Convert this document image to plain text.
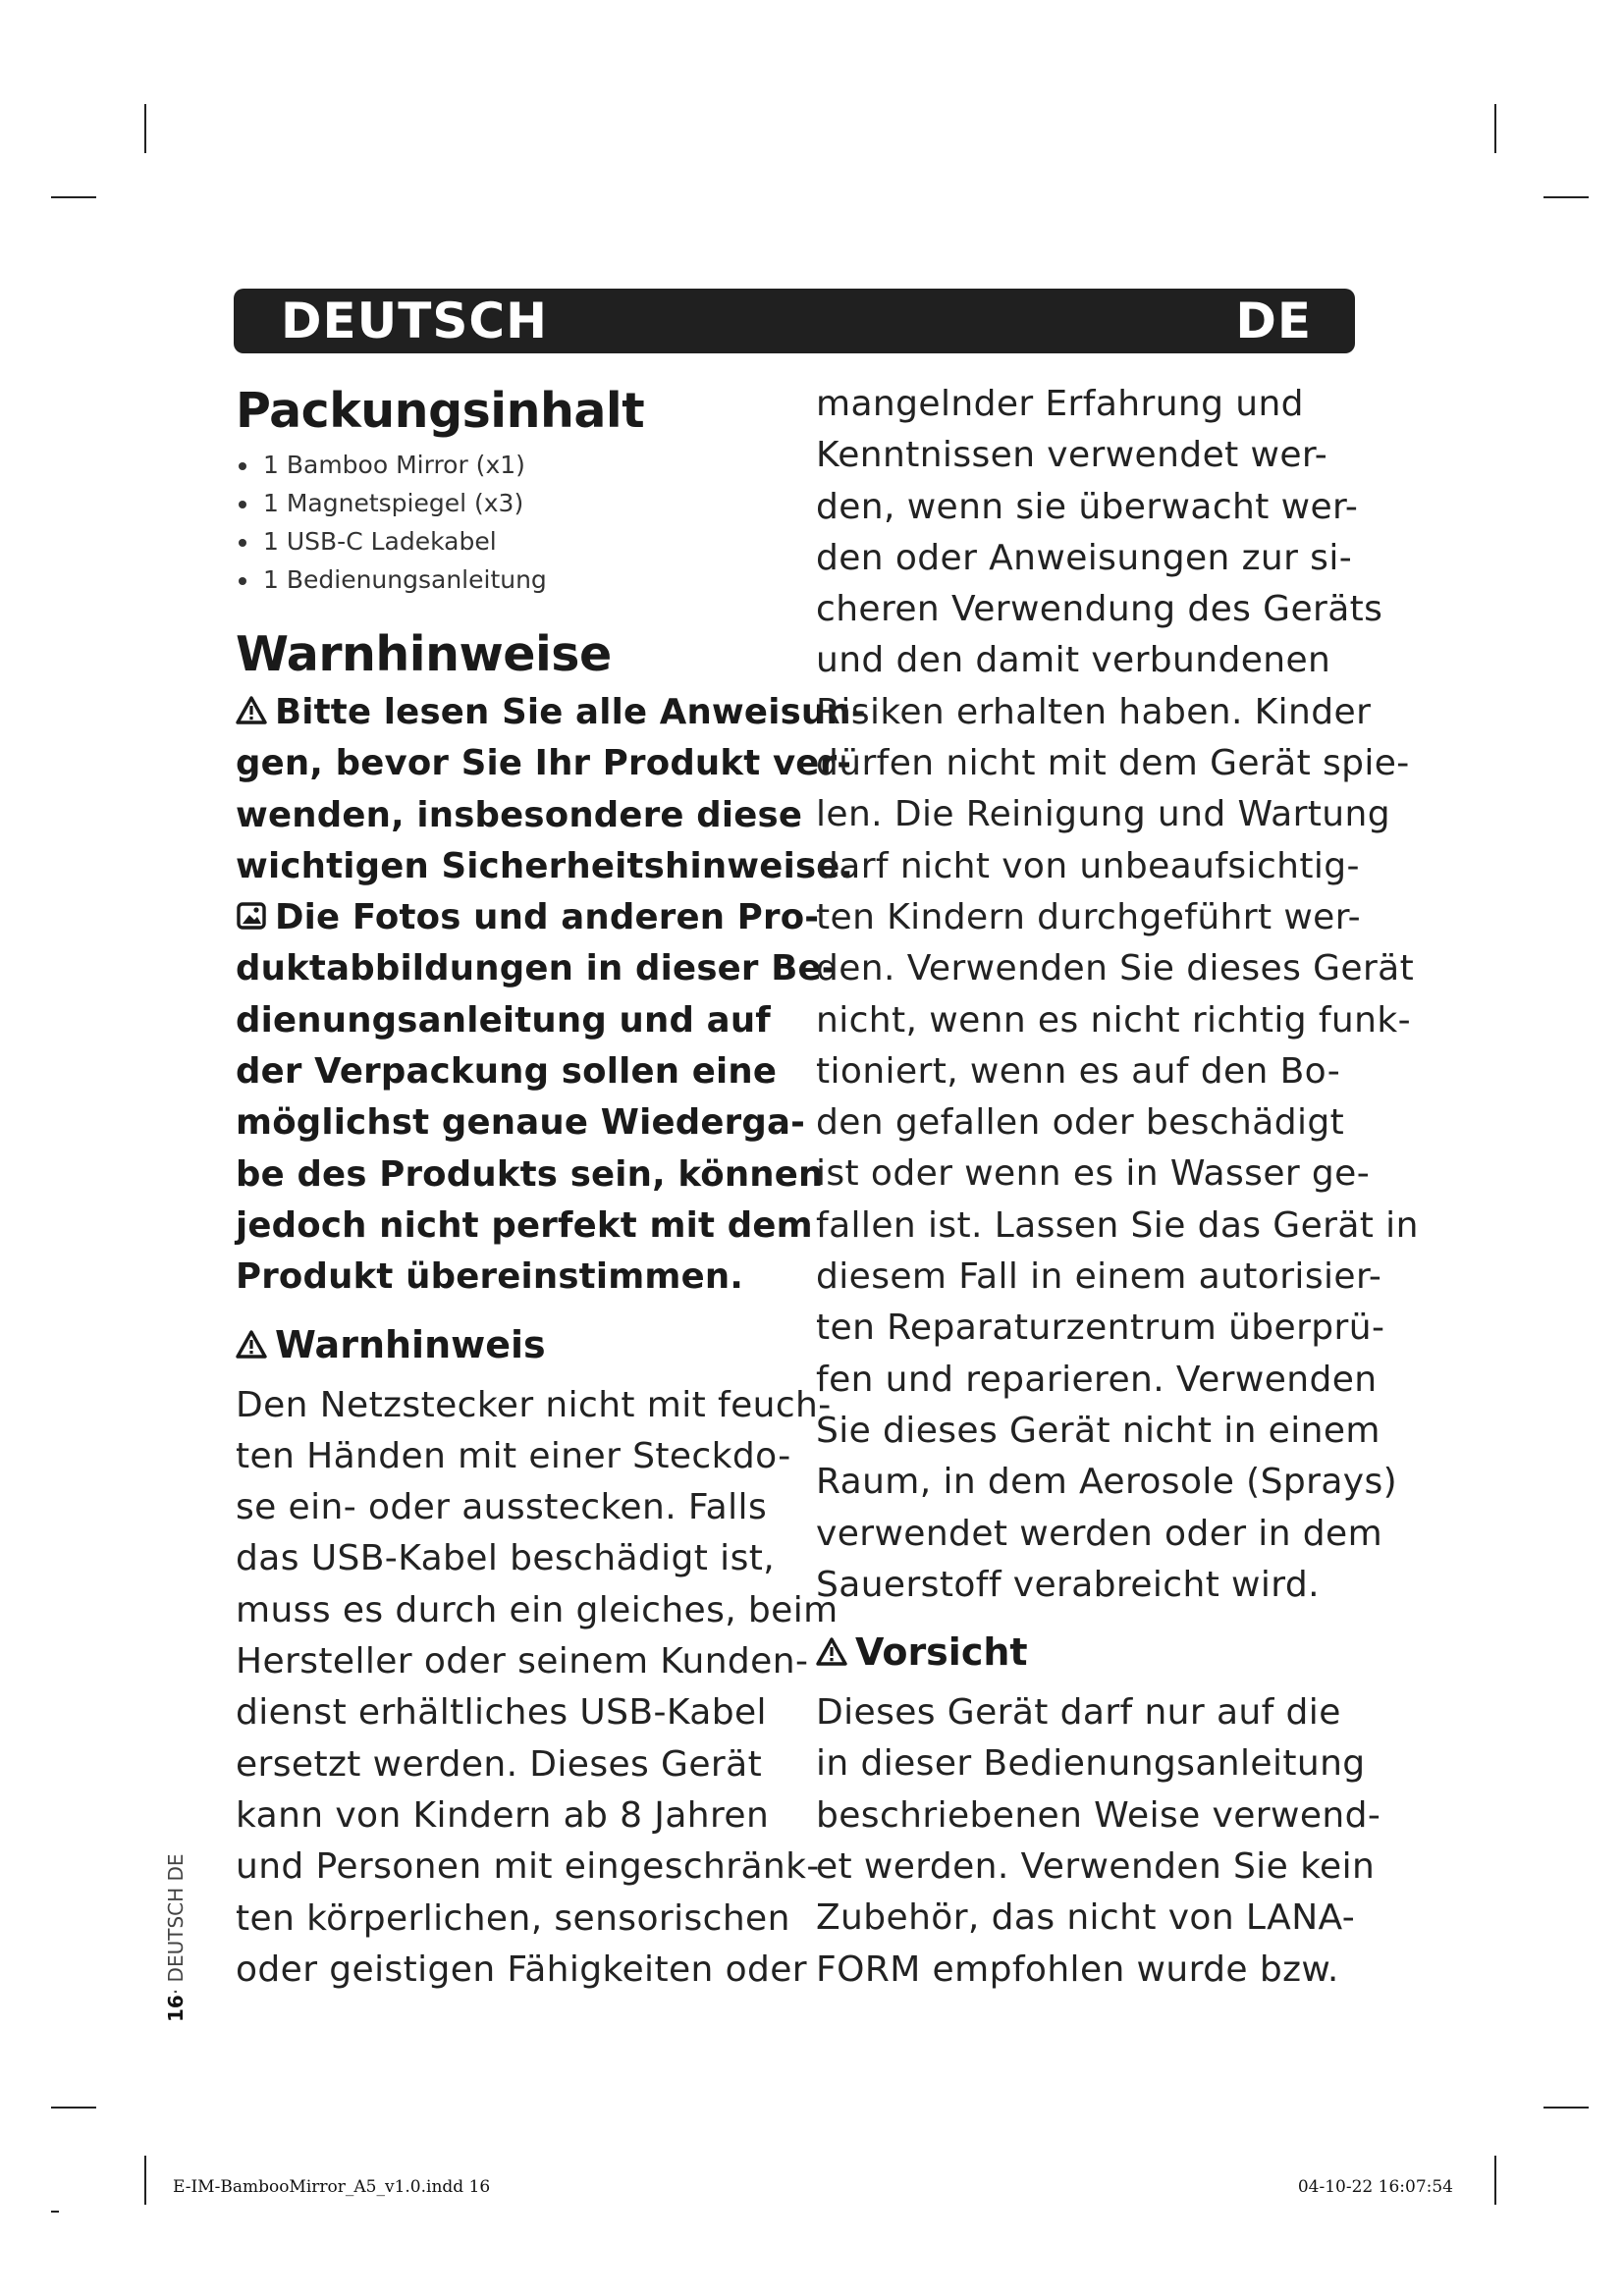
DEUTSCH	DE
Packungsinhalt
1 Bamboo Mirror (x1)
1 Magnetspiegel (x3)
1 USB-C Ladekabel
1 Bedienungsanleitung
Warnhinweise
Bitte lesen Sie alle Anweisun-
gen, bevor Sie Ihr Produkt ver-
wenden, insbesondere diese
wichtigen Sicherheitshinweise.
Die Fotos und anderen Pro-
duktabbildungen in dieser Be-
dienungsanleitung und auf
der Verpackung sollen eine
möglichst genaue Wiederga-
be des Produkts sein, können
jedoch nicht perfekt mit dem
Produkt übereinstimmen.
Warnhinweis
Den Netzstecker nicht mit feuch-
ten Händen mit einer Steckdo-
se ein- oder ausstecken. Falls
das USB-Kabel beschädigt ist,
muss es durch ein gleiches, beim
Hersteller oder seinem Kunden-
dienst erhältliches USB-Kabel
ersetzt werden. Dieses Gerät
kann von Kindern ab 8 Jahren
und Personen mit eingeschränk-
ten körperlichen, sensorischen
oder geistigen Fähigkeiten oder
mangelnder Erfahrung und
Kenntnissen verwendet wer-
den, wenn sie überwacht wer-
den oder Anweisungen zur si-
cheren Verwendung des Geräts
und den damit verbundenen
Risiken erhalten haben. Kinder
dürfen nicht mit dem Gerät spie-
len. Die Reinigung und Wartung
darf nicht von unbeaufsichtig-
ten Kindern durchgeführt wer-
den. Verwenden Sie dieses Gerät
nicht, wenn es nicht richtig funk-
tioniert, wenn es auf den Bo-
den gefallen oder beschädigt
ist oder wenn es in Wasser ge-
fallen ist. Lassen Sie das Gerät in
diesem Fall in einem autorisier-
ten Reparaturzentrum überprü-
fen und reparieren. Verwenden
Sie dieses Gerät nicht in einem
Raum, in dem Aerosole (Sprays)
verwendet werden oder in dem
Sauerstoff verabreicht wird.
Vorsicht
Dieses Gerät darf nur auf die
in dieser Bedienungsanleitung
beschriebenen Weise verwend-
et werden. Verwenden Sie kein
Zubehör, das nicht von LANA-
FORM empfohlen wurde bzw.
16· DEUTSCH DE
E-IM-BambooMirror_A5_v1.0.indd 16	04-10-22 16:07:54
